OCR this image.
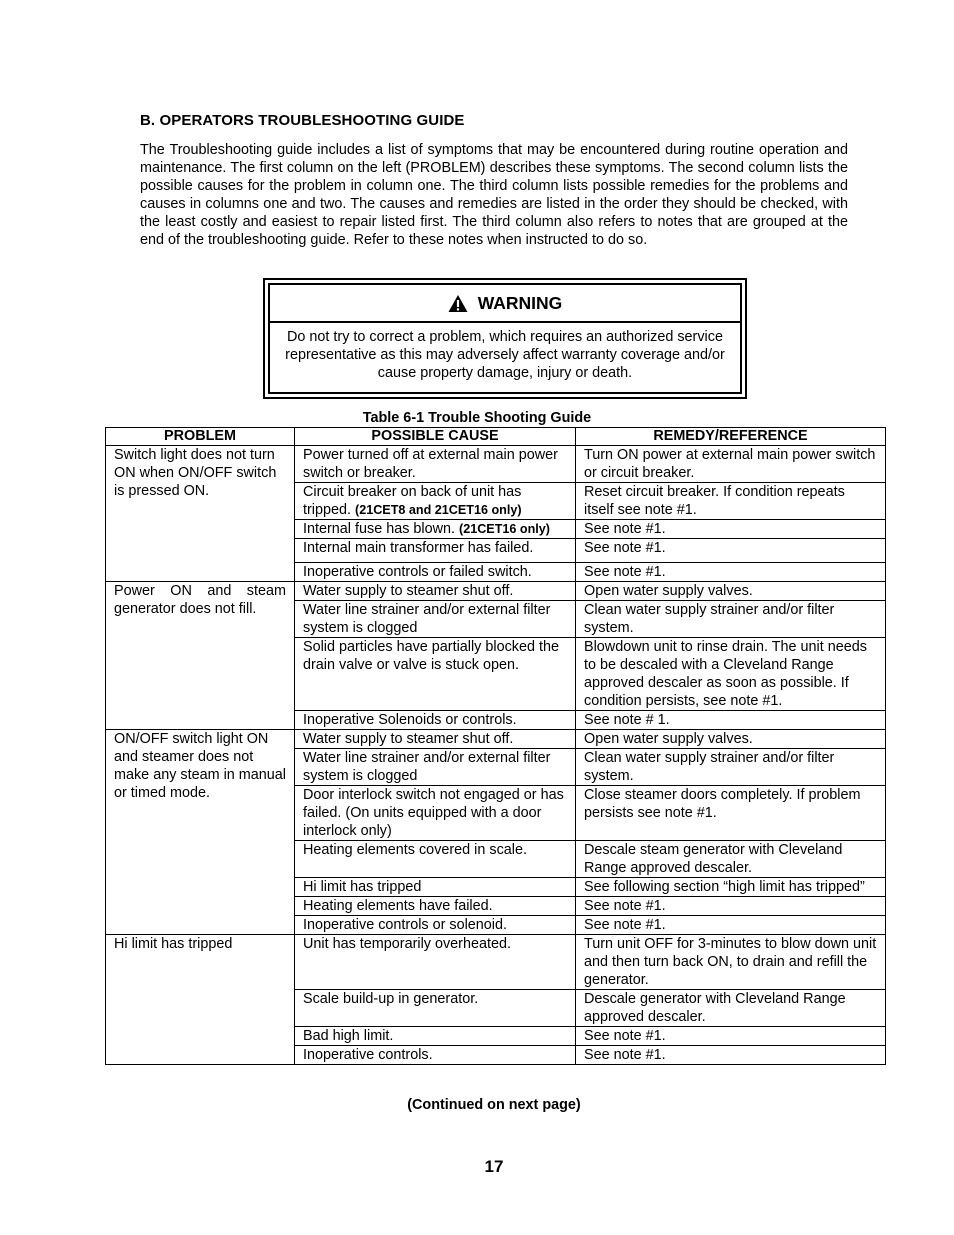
B. OPERATORS TROUBLESHOOTING GUIDE
The Troubleshooting guide includes a list of symptoms that may be encountered during routine operation and maintenance. The first column on the left (PROBLEM) describes these symptoms. The second column lists the possible causes for the problem in column one. The third column lists possible remedies for the problems and causes in columns one and two. The causes and remedies are listed in the order they should be checked, with the least costly and easiest to repair listed first. The third column also refers to notes that are grouped at the end of the troubleshooting guide. Refer to these notes when instructed to do so.
WARNING
Do not try to correct a problem, which requires an authorized service representative as this may adversely affect warranty coverage and/or cause property damage, injury or death.
Table 6-1 Trouble Shooting Guide
PROBLEM	POSSIBLE CAUSE	REMEDY/REFERENCE
Switch light does not turn ON when ON/OFF switch is pressed ON.	Power turned off at external main power switch or breaker.	Turn ON power at external main power switch or circuit breaker.
	Circuit breaker on back of unit has tripped. (21CET8 and 21CET16 only)	Reset circuit breaker. If condition repeats itself see note #1.
	Internal fuse has blown. (21CET16 only)	See note #1.
	Internal main transformer has failed.	See note #1.
	Inoperative controls or failed switch.	See note #1.
Power ON and steam generator does not fill.	Water supply to steamer shut off.	Open water supply valves.
	Water line strainer and/or external filter system is clogged	Clean water supply strainer and/or filter system.
	Solid particles have partially blocked the drain valve or valve is stuck open.	Blowdown unit to rinse drain. The unit needs to be descaled with a Cleveland Range approved descaler as soon as possible. If condition persists, see note #1.
	Inoperative Solenoids or controls.	See note # 1.
ON/OFF switch light ON and steamer does not make any steam in manual or timed mode.	Water supply to steamer shut off.	Open water supply valves.
	Water line strainer and/or external filter system is clogged	Clean water supply strainer and/or filter system.
	Door interlock switch not engaged or has failed. (On units equipped with a door interlock only)	Close steamer doors completely. If problem persists see note #1.
	Heating elements covered in scale.	Descale steam generator with Cleveland Range approved descaler.
	Hi limit has tripped	See following section “high limit has tripped”
	Heating elements have failed.	See note #1.
	Inoperative controls or solenoid.	See note #1.
Hi limit has tripped	Unit has temporarily overheated.	Turn unit OFF for 3-minutes to blow down unit and then turn back ON, to drain and refill the generator.
	Scale build-up in generator.	Descale generator with Cleveland Range approved descaler.
	Bad high limit.	See note #1.
	Inoperative controls.	See note #1.
(Continued on next page)
17
